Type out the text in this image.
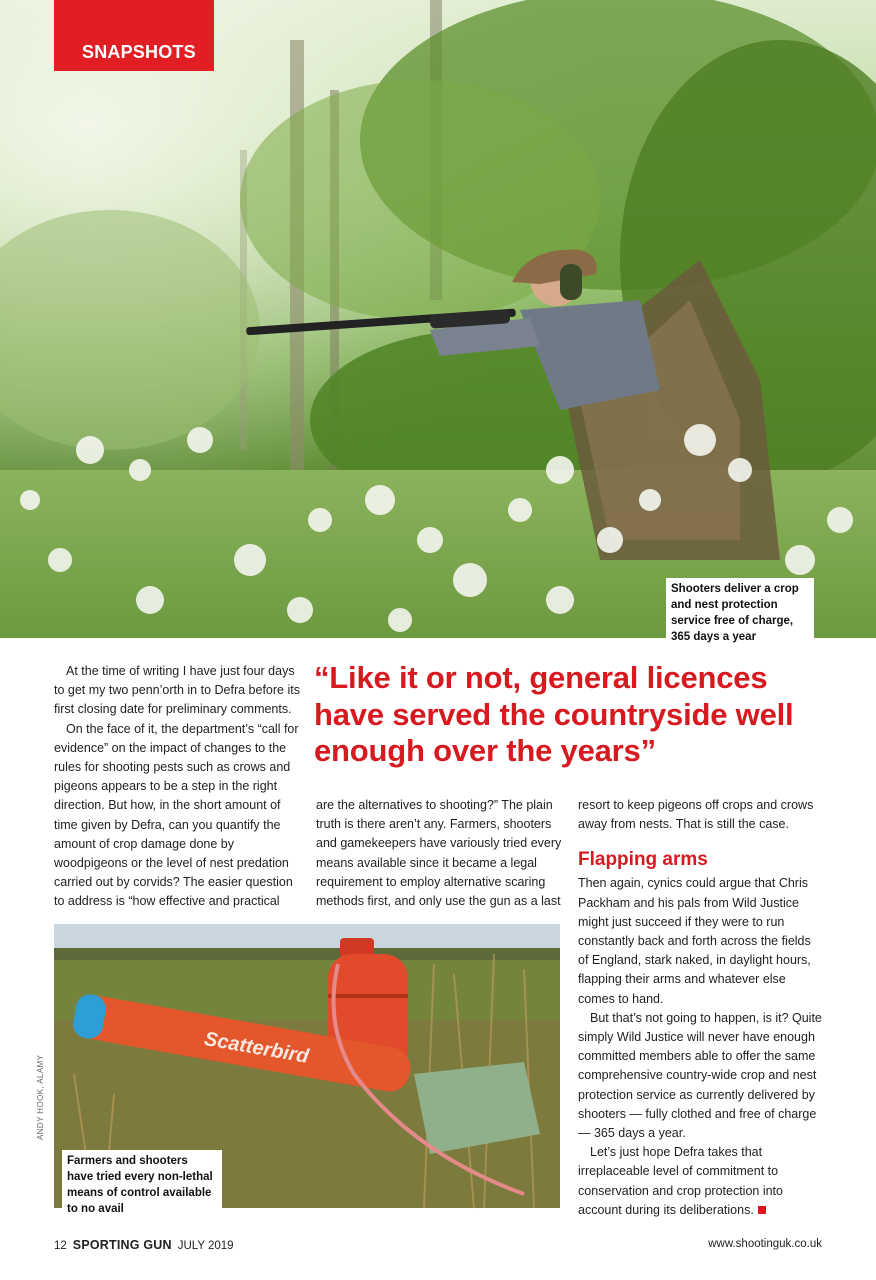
SNAPSHOTS
Shooters deliver a crop and nest protection service free of charge, 365 days a year

At the time of writing I have just four days to get my two penn’orth in to Defra before its first closing date for preliminary comments.

On the face of it, the department’s “call for evidence” on the impact of changes to the rules for shooting pests such as crows and pigeons appears to be a step in the right direction. But how, in the short amount of time given by Defra, can you quantify the amount of crop damage done by woodpigeons or the level of nest predation carried out by corvids? The easier question to address is “how effective and practical

“Like it or not, general licences have served the countryside well enough over the years”

are the alternatives to shooting?” The plain truth is there aren’t any. Farmers, shooters and gamekeepers have variously tried every means available since it became a legal requirement to employ alternative scaring methods first, and only use the gun as a last

resort to keep pigeons off crops and crows away from nests. That is still the case.

Flapping arms

Then again, cynics could argue that Chris Packham and his pals from Wild Justice might just succeed if they were to run constantly back and forth across the fields of England, stark naked, in daylight hours, flapping their arms and whatever else comes to hand.

But that’s not going to happen, is it? Quite simply Wild Justice will never have enough committed members able to offer the same comprehensive country-wide crop and nest protection service as currently delivered by shooters — fully clothed and free of charge — 365 days a year.

Let’s just hope Defra takes that irreplaceable level of commitment to conservation and crop protection into account during its deliberations.

Scatterbird
Farmers and shooters have tried every non-lethal means of control available to no avail
ANDY HOOK, ALAMY
12 SPORTING GUN JULY 2019	www.shootinguk.co.uk
